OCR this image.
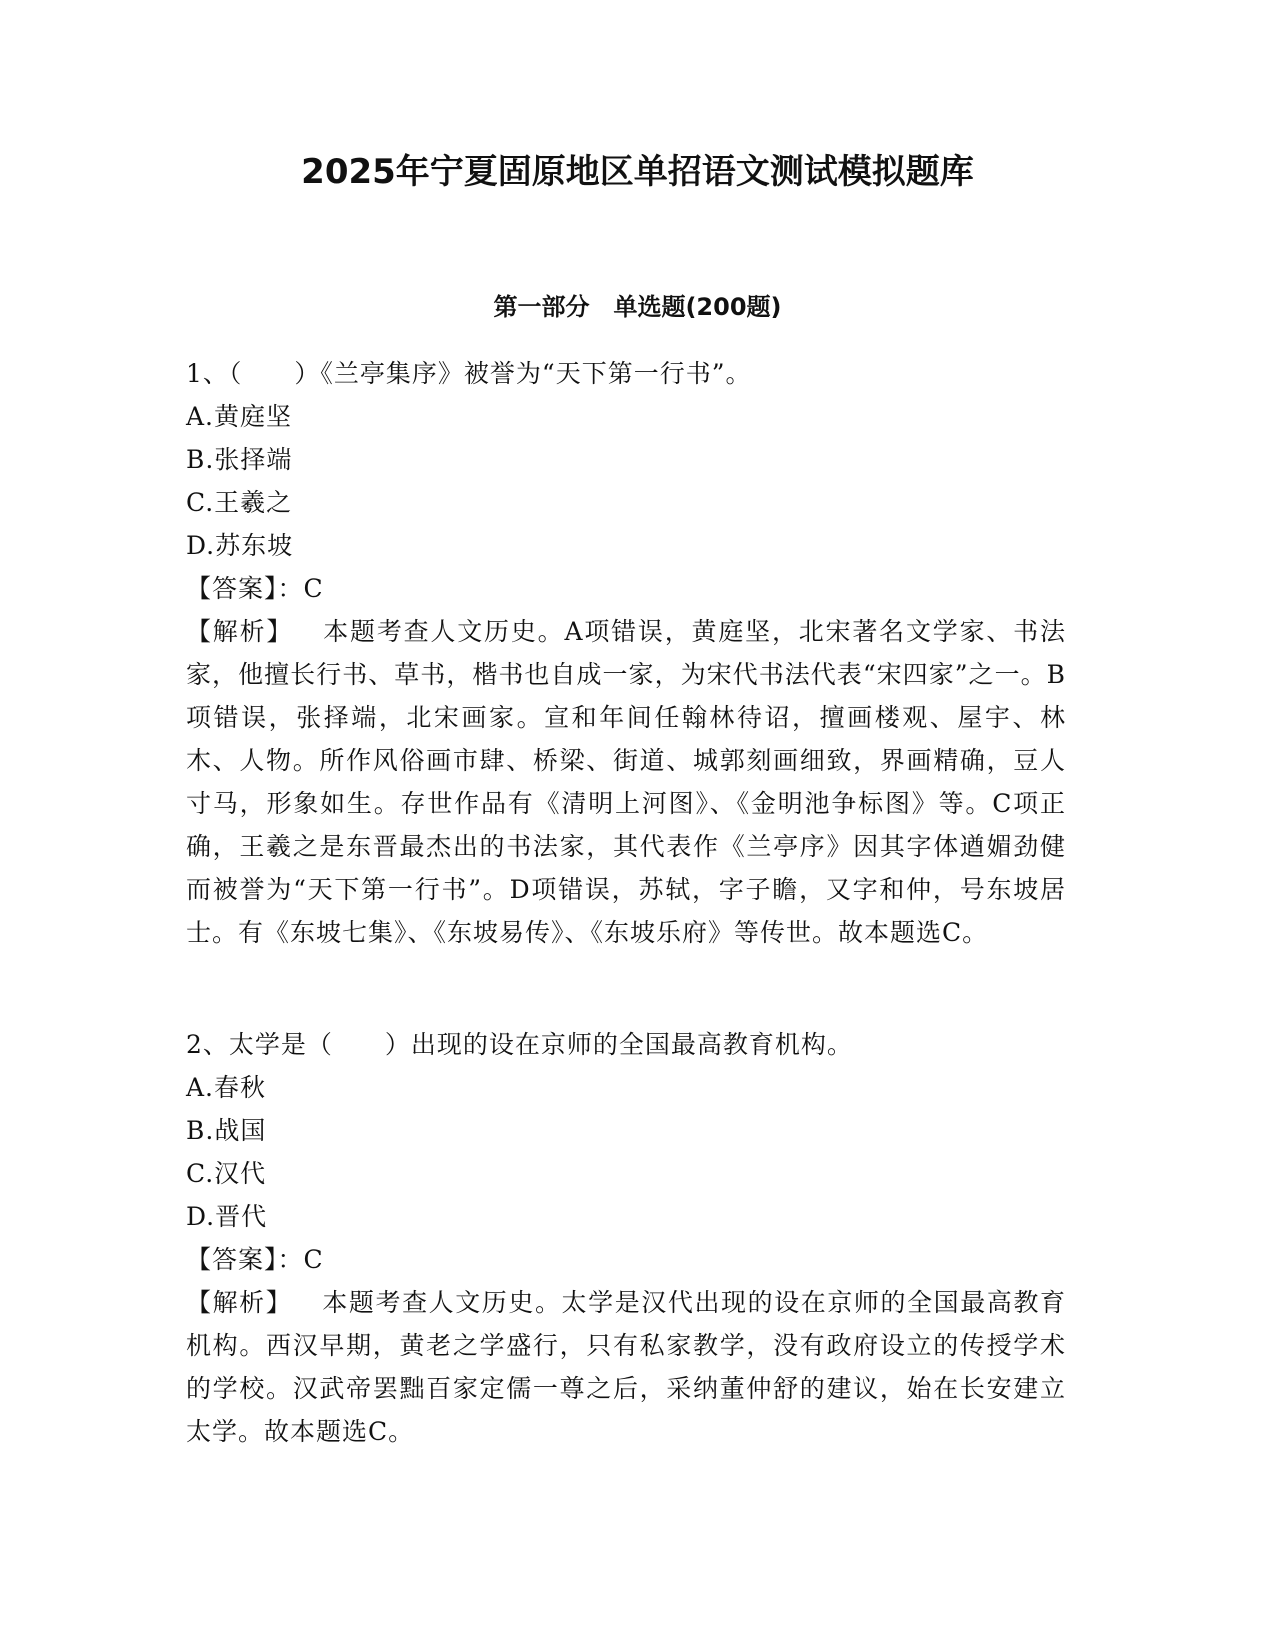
2025年宁夏固原地区单招语文测试模拟题库
第一部分 单选题(200题)
1、（　　）《兰亭集序》被誉为“天下第一行书”。
A.黄庭坚
B.张择端
C.王羲之
D.苏东坡
【答案】：C
【解析】 本题考查人文历史。A项错误，黄庭坚，北宋著名文学家、书法家，他擅长行书、草书，楷书也自成一家，为宋代书法代表“宋四家”之一。B项错误，张择端，北宋画家。宣和年间任翰林待诏，擅画楼观、屋宇、林木、人物。所作风俗画市肆、桥梁、街道、城郭刻画细致，界画精确，豆人寸马，形象如生。存世作品有《清明上河图》、《金明池争标图》等。C项正确，王羲之是东晋最杰出的书法家，其代表作《兰亭序》因其字体遒媚劲健而被誉为“天下第一行书”。D项错误，苏轼，字子瞻，又字和仲，号东坡居士。有《东坡七集》、《东坡易传》、《东坡乐府》等传世。故本题选C。
2、太学是（　　）出现的设在京师的全国最高教育机构。
A.春秋
B.战国
C.汉代
D.晋代
【答案】：C
【解析】 本题考查人文历史。太学是汉代出现的设在京师的全国最高教育机构。西汉早期，黄老之学盛行，只有私家教学，没有政府设立的传授学术的学校。汉武帝罢黜百家定儒一尊之后，采纳董仲舒的建议，始在长安建立太学。故本题选C。
